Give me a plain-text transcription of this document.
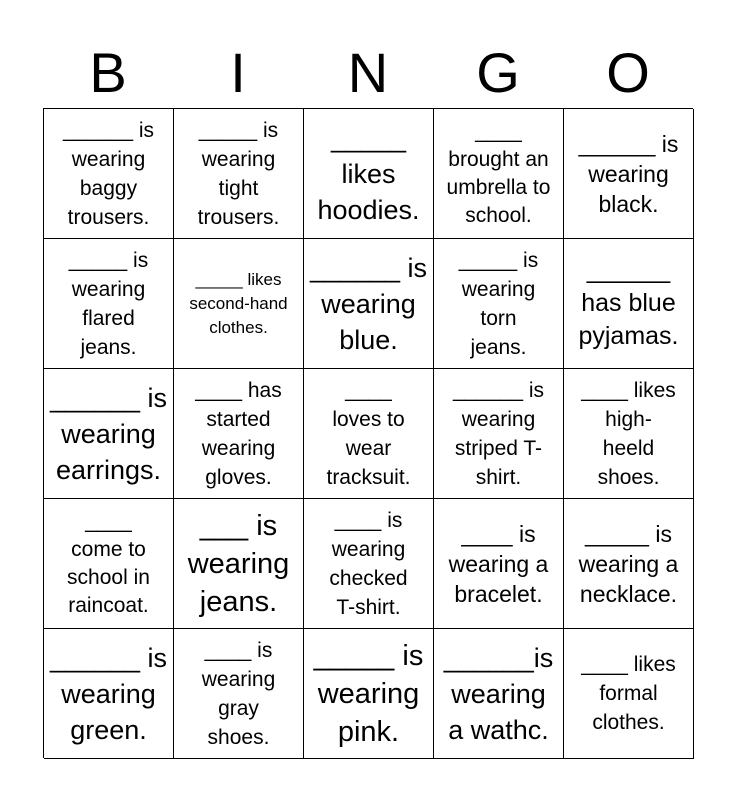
B	I	N	G	O
______ is
wearing
baggy
trousers.
_____ is
wearing
tight
trousers.
_____
likes
hoodies.
____
brought an
umbrella to
school.
______ is
wearing
black.
_____ is
wearing
flared
jeans.
_____ likes
second-hand
clothes.
______ is
wearing
blue.
_____ is
wearing
torn
jeans.
______
has blue
pyjamas.
______ is
wearing
earrings.
____ has
started
wearing
gloves.
____
loves to
wear
tracksuit.
______ is
wearing
striped T-
shirt.
____ likes
high-
heeld
shoes.
____
come to
school in
raincoat.
___ is
wearing
jeans.
____ is
wearing
checked
T-shirt.
____ is
wearing a
bracelet.
_____ is
wearing a
necklace.
______ is
wearing
green.
____ is
wearing
gray
shoes.
_____ is
wearing
pink.
______is
wearing
a wathc.
____ likes
formal
clothes.
